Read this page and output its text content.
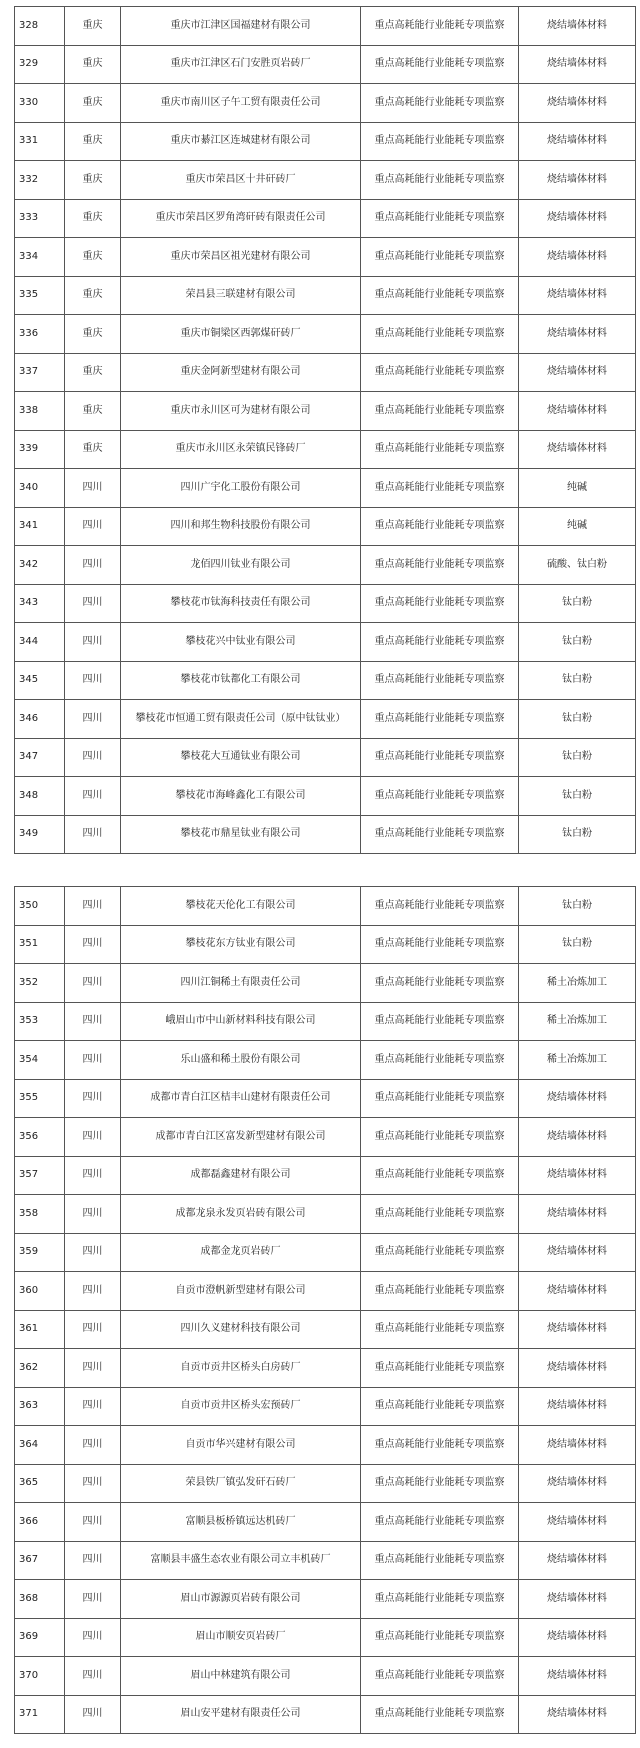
328	重庆	重庆市江津区国福建材有限公司	重点高耗能行业能耗专项监察	烧结墙体材料
329	重庆	重庆市江津区石门安胜页岩砖厂	重点高耗能行业能耗专项监察	烧结墙体材料
330	重庆	重庆市南川区子午工贸有限责任公司	重点高耗能行业能耗专项监察	烧结墙体材料
331	重庆	重庆市綦江区连城建材有限公司	重点高耗能行业能耗专项监察	烧结墙体材料
332	重庆	重庆市荣昌区十井矸砖厂	重点高耗能行业能耗专项监察	烧结墙体材料
333	重庆	重庆市荣昌区罗角湾矸砖有限责任公司	重点高耗能行业能耗专项监察	烧结墙体材料
334	重庆	重庆市荣昌区祖光建材有限公司	重点高耗能行业能耗专项监察	烧结墙体材料
335	重庆	荣昌县三联建材有限公司	重点高耗能行业能耗专项监察	烧结墙体材料
336	重庆	重庆市铜梁区西郭煤矸砖厂	重点高耗能行业能耗专项监察	烧结墙体材料
337	重庆	重庆金阿新型建材有限公司	重点高耗能行业能耗专项监察	烧结墙体材料
338	重庆	重庆市永川区可为建材有限公司	重点高耗能行业能耗专项监察	烧结墙体材料
339	重庆	重庆市永川区永荣镇民锋砖厂	重点高耗能行业能耗专项监察	烧结墙体材料
340	四川	四川广宇化工股份有限公司	重点高耗能行业能耗专项监察	纯碱
341	四川	四川和邦生物科技股份有限公司	重点高耗能行业能耗专项监察	纯碱
342	四川	龙佰四川钛业有限公司	重点高耗能行业能耗专项监察	硫酸、钛白粉
343	四川	攀枝花市钛海科技责任有限公司	重点高耗能行业能耗专项监察	钛白粉
344	四川	攀枝花兴中钛业有限公司	重点高耗能行业能耗专项监察	钛白粉
345	四川	攀枝花市钛都化工有限公司	重点高耗能行业能耗专项监察	钛白粉
346	四川	攀枝花市恒通工贸有限责任公司（原中钛钛业）	重点高耗能行业能耗专项监察	钛白粉
347	四川	攀枝花大互通钛业有限公司	重点高耗能行业能耗专项监察	钛白粉
348	四川	攀枝花市海峰鑫化工有限公司	重点高耗能行业能耗专项监察	钛白粉
349	四川	攀枝花市鼎星钛业有限公司	重点高耗能行业能耗专项监察	钛白粉
350	四川	攀枝花天伦化工有限公司	重点高耗能行业能耗专项监察	钛白粉
351	四川	攀枝花东方钛业有限公司	重点高耗能行业能耗专项监察	钛白粉
352	四川	四川江铜稀土有限责任公司	重点高耗能行业能耗专项监察	稀土冶炼加工
353	四川	峨眉山市中山新材料科技有限公司	重点高耗能行业能耗专项监察	稀土冶炼加工
354	四川	乐山盛和稀土股份有限公司	重点高耗能行业能耗专项监察	稀土冶炼加工
355	四川	成都市青白江区桔丰山建材有限责任公司	重点高耗能行业能耗专项监察	烧结墙体材料
356	四川	成都市青白江区富发新型建材有限公司	重点高耗能行业能耗专项监察	烧结墙体材料
357	四川	成都磊鑫建材有限公司	重点高耗能行业能耗专项监察	烧结墙体材料
358	四川	成都龙泉永发页岩砖有限公司	重点高耗能行业能耗专项监察	烧结墙体材料
359	四川	成都金龙页岩砖厂	重点高耗能行业能耗专项监察	烧结墙体材料
360	四川	自贡市澄帆新型建材有限公司	重点高耗能行业能耗专项监察	烧结墙体材料
361	四川	四川久义建材科技有限公司	重点高耗能行业能耗专项监察	烧结墙体材料
362	四川	自贡市贡井区桥头白房砖厂	重点高耗能行业能耗专项监察	烧结墙体材料
363	四川	自贡市贡井区桥头宏预砖厂	重点高耗能行业能耗专项监察	烧结墙体材料
364	四川	自贡市华兴建材有限公司	重点高耗能行业能耗专项监察	烧结墙体材料
365	四川	荣县铁厂镇弘发矸石砖厂	重点高耗能行业能耗专项监察	烧结墙体材料
366	四川	富顺县板桥镇远达机砖厂	重点高耗能行业能耗专项监察	烧结墙体材料
367	四川	富顺县丰盛生态农业有限公司立丰机砖厂	重点高耗能行业能耗专项监察	烧结墙体材料
368	四川	眉山市源源页岩砖有限公司	重点高耗能行业能耗专项监察	烧结墙体材料
369	四川	眉山市顺安页岩砖厂	重点高耗能行业能耗专项监察	烧结墙体材料
370	四川	眉山中林建筑有限公司	重点高耗能行业能耗专项监察	烧结墙体材料
371	四川	眉山安平建材有限责任公司	重点高耗能行业能耗专项监察	烧结墙体材料
